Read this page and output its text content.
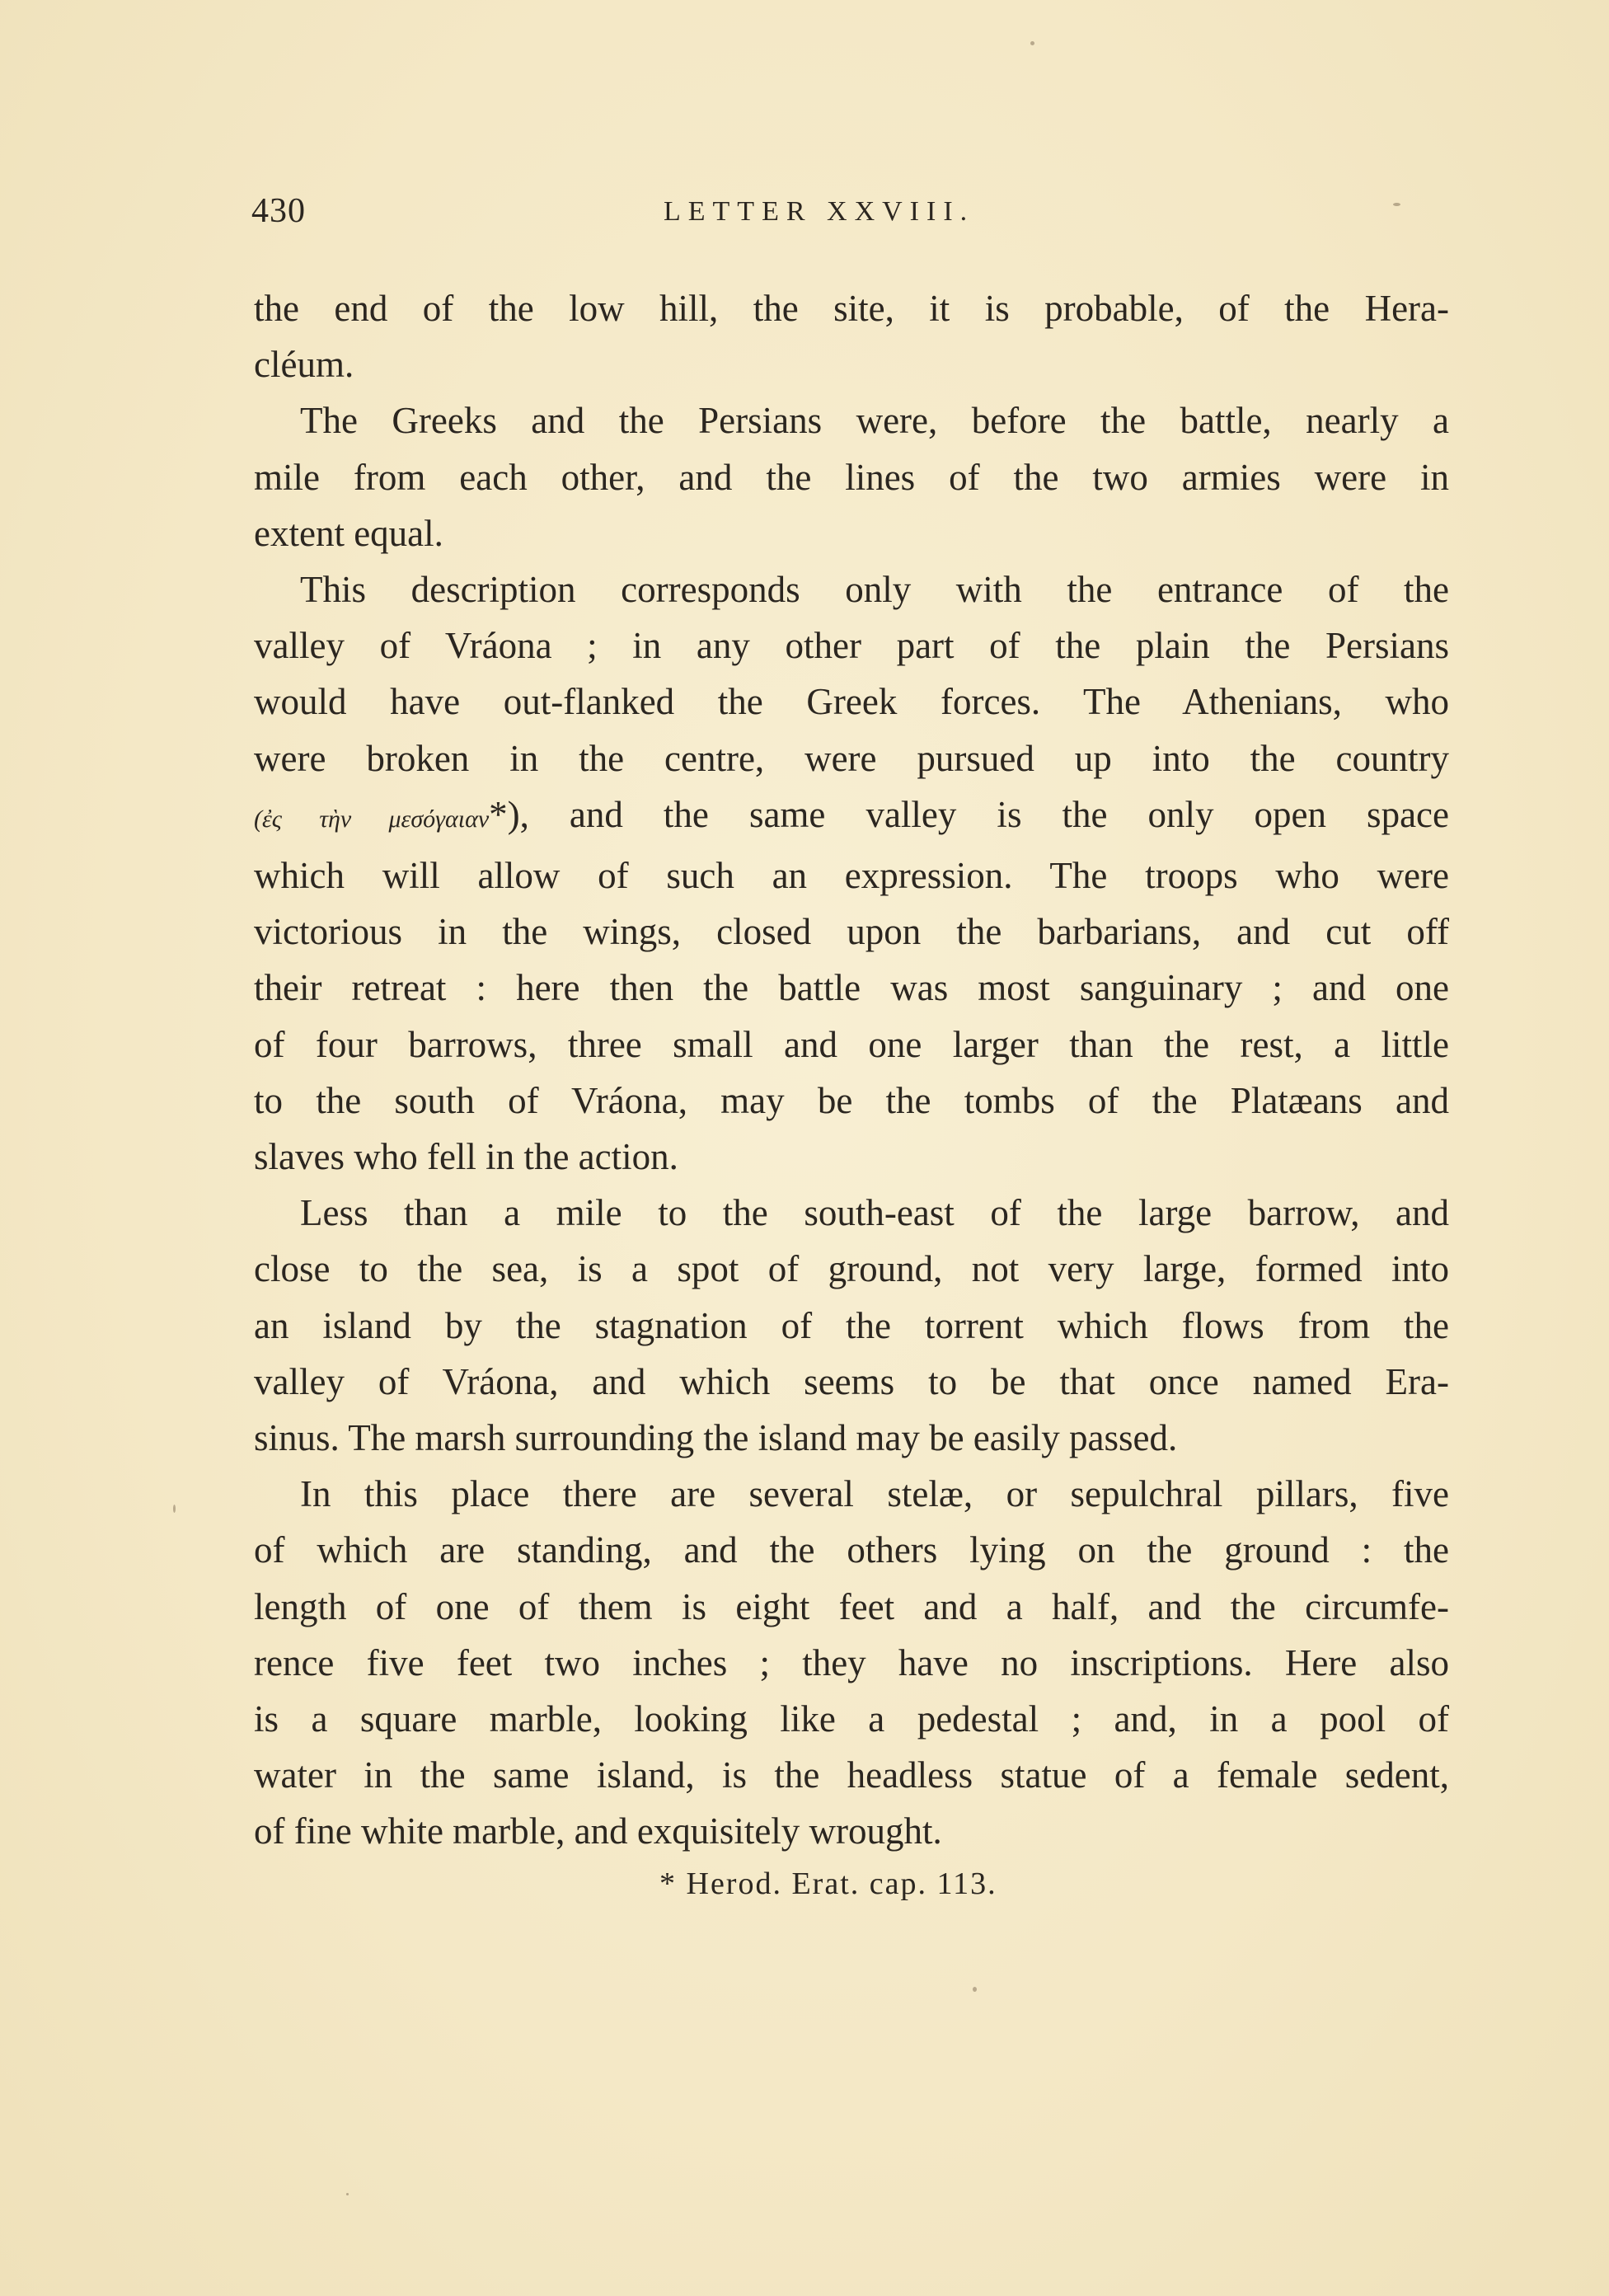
430	LETTER XXVIII.

the end of the low hill, the site, it is probable, of the Hera-
cléum.

The Greeks and the Persians were, before the battle, nearly a
mile from each other, and the lines of the two armies were in
extent equal.

This description corresponds only with the entrance of the
valley of Vráona ; in any other part of the plain the Persians
would have out-flanked the Greek forces. The Athenians, who
were broken in the centre, were pursued up into the country
(ἐς τὴν μεσόγαιαν*), and the same valley is the only open space
which will allow of such an expression. The troops who were
victorious in the wings, closed upon the barbarians, and cut off
their retreat : here then the battle was most sanguinary ; and one
of four barrows, three small and one larger than the rest, a little
to the south of Vráona, may be the tombs of the Platæans and
slaves who fell in the action.

Less than a mile to the south-east of the large barrow, and
close to the sea, is a spot of ground, not very large, formed into
an island by the stagnation of the torrent which flows from the
valley of Vráona, and which seems to be that once named Era-
sinus. The marsh surrounding the island may be easily passed.

In this place there are several stelæ, or sepulchral pillars, five
of which are standing, and the others lying on the ground : the
length of one of them is eight feet and a half, and the circumfe-
rence five feet two inches ; they have no inscriptions. Here also
is a square marble, looking like a pedestal ; and, in a pool of
water in the same island, is the headless statue of a female sedent,
of fine white marble, and exquisitely wrought.

* Herod. Erat. cap. 113.
